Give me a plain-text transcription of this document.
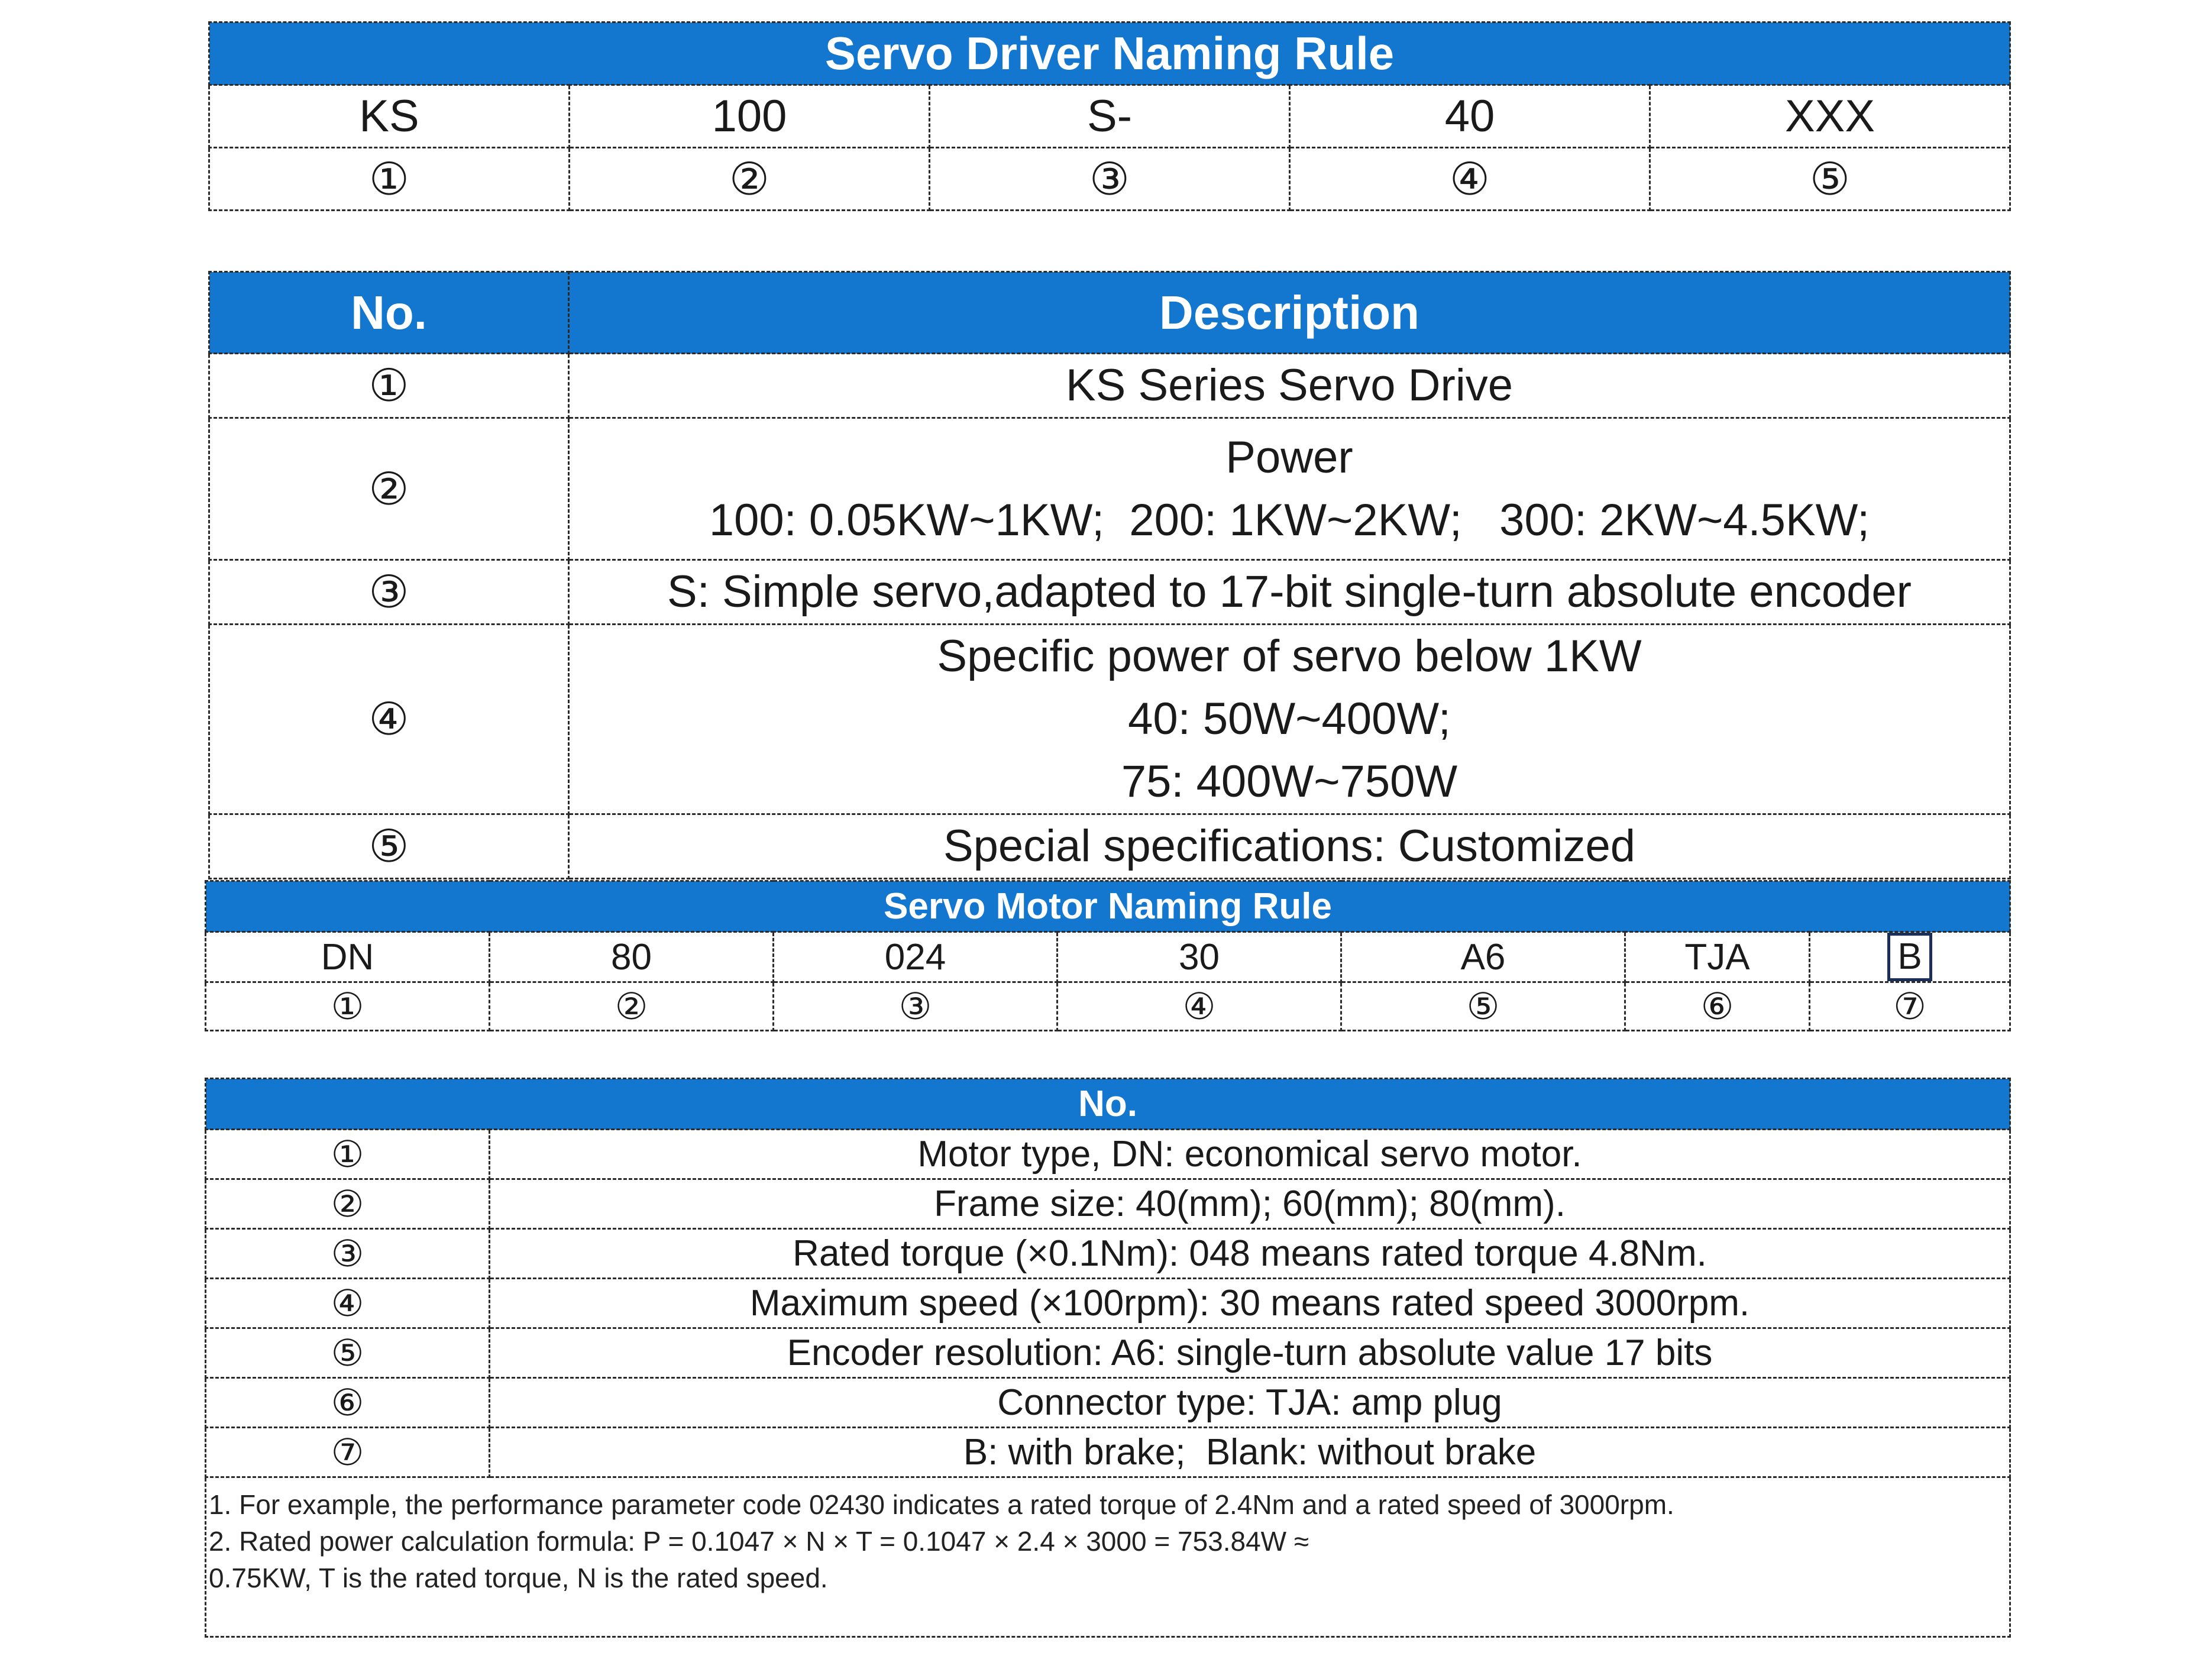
Servo Driver Naming Rule				
KS	100	S-	40	XXX
①	②	③	④	⑤
No.	Description
①	KS Series Servo Drive

②	Power
100: 0.05KW~1KW;  200: 1KW~2KW;   300: 2KW~4.5KW;

③	S: Simple servo,adapted to 17-bit single-turn absolute encoder

④	Specific power of servo below 1KW
40: 50W~400W;
75: 400W~750W

⑤	Special specifications: Customized
Servo Motor Naming Rule						
DN	80	024	30	A6	TJA	B
①	②	③	④	⑤	⑥	⑦
No.	
①	Motor type, DN: economical servo motor.
②	Frame size: 40(mm); 60(mm); 80(mm).
③	Rated torque (×0.1Nm): 048 means rated torque 4.8Nm.
④	Maximum speed (×100rpm): 30 means rated speed 3000rpm.
⑤	Encoder resolution: A6: single-turn absolute value 17 bits
⑥	Connector type: TJA: amp plug
⑦	B: with brake;  Blank: without brake

1. For example, the performance parameter code 02430 indicates a rated torque of 2.4Nm and a rated speed of 3000rpm.
2. Rated power calculation formula: P = 0.1047 × N × T = 0.1047 × 2.4 × 3000 = 753.84W ≈
0.75KW, T is the rated torque, N is the rated speed.	
